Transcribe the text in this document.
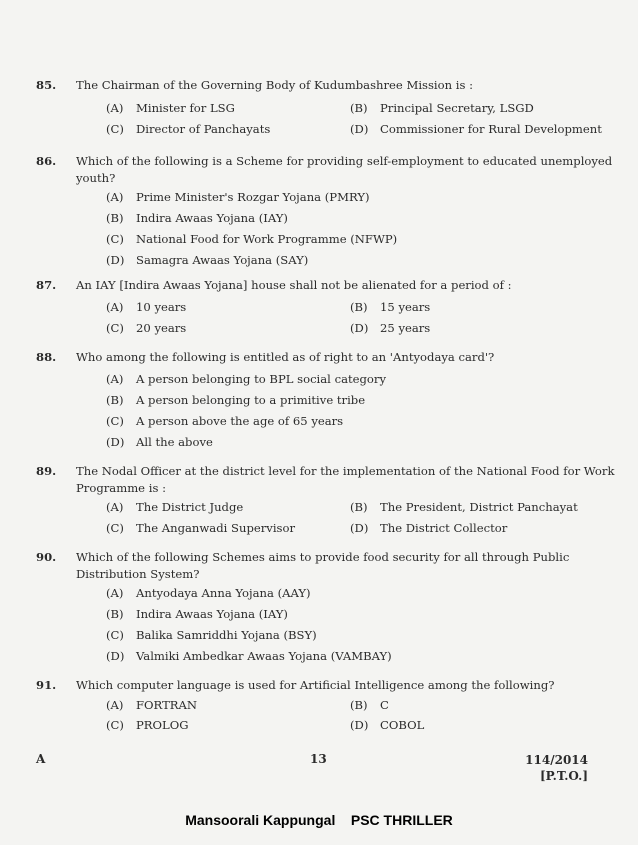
85.	The Chairman of the Governing Body of Kudumbashree Mission is :
(A) Minister for LSG	(B) Principal Secretary, LSGD
(C) Director of Panchayats	(D) Commissioner for Rural Development
86.	Which of the following is a Scheme for providing self-employment to educated unemployed youth?
(A) Prime Minister's Rozgar Yojana (PMRY)
(B) Indira Awaas Yojana (IAY)
(C) National Food for Work Programme (NFWP)
(D) Samagra Awaas Yojana (SAY)
87.	An IAY [Indira Awaas Yojana] house shall not be alienated for a period of :
(A) 10 years	(B) 15 years
(C) 20 years	(D) 25 years
88.	Who among the following is entitled as of right to an 'Antyodaya card'?
(A) A person belonging to BPL social category
(B) A person belonging to a primitive tribe
(C) A person above the age of 65 years
(D) All the above
89.	The Nodal Officer at the district level for the implementation of the National Food for Work Programme is :
(A) The District Judge	(B) The President, District Panchayat
(C) The Anganwadi Supervisor	(D) The District Collector
90.	Which of the following Schemes aims to provide food security for all through Public Distribution System?
(A) Antyodaya Anna Yojana (AAY)
(B) Indira Awaas Yojana (IAY)
(C) Balika Samriddhi Yojana (BSY)
(D) Valmiki Ambedkar Awaas Yojana (VAMBAY)
91.	Which computer language is used for Artificial Intelligence among the following?
(A) FORTRAN	(B) C
(C) PROLOG	(D) COBOL
A	13	114/2014
[P.T.O.]
Mansoorali Kappungal    PSC THRILLER
